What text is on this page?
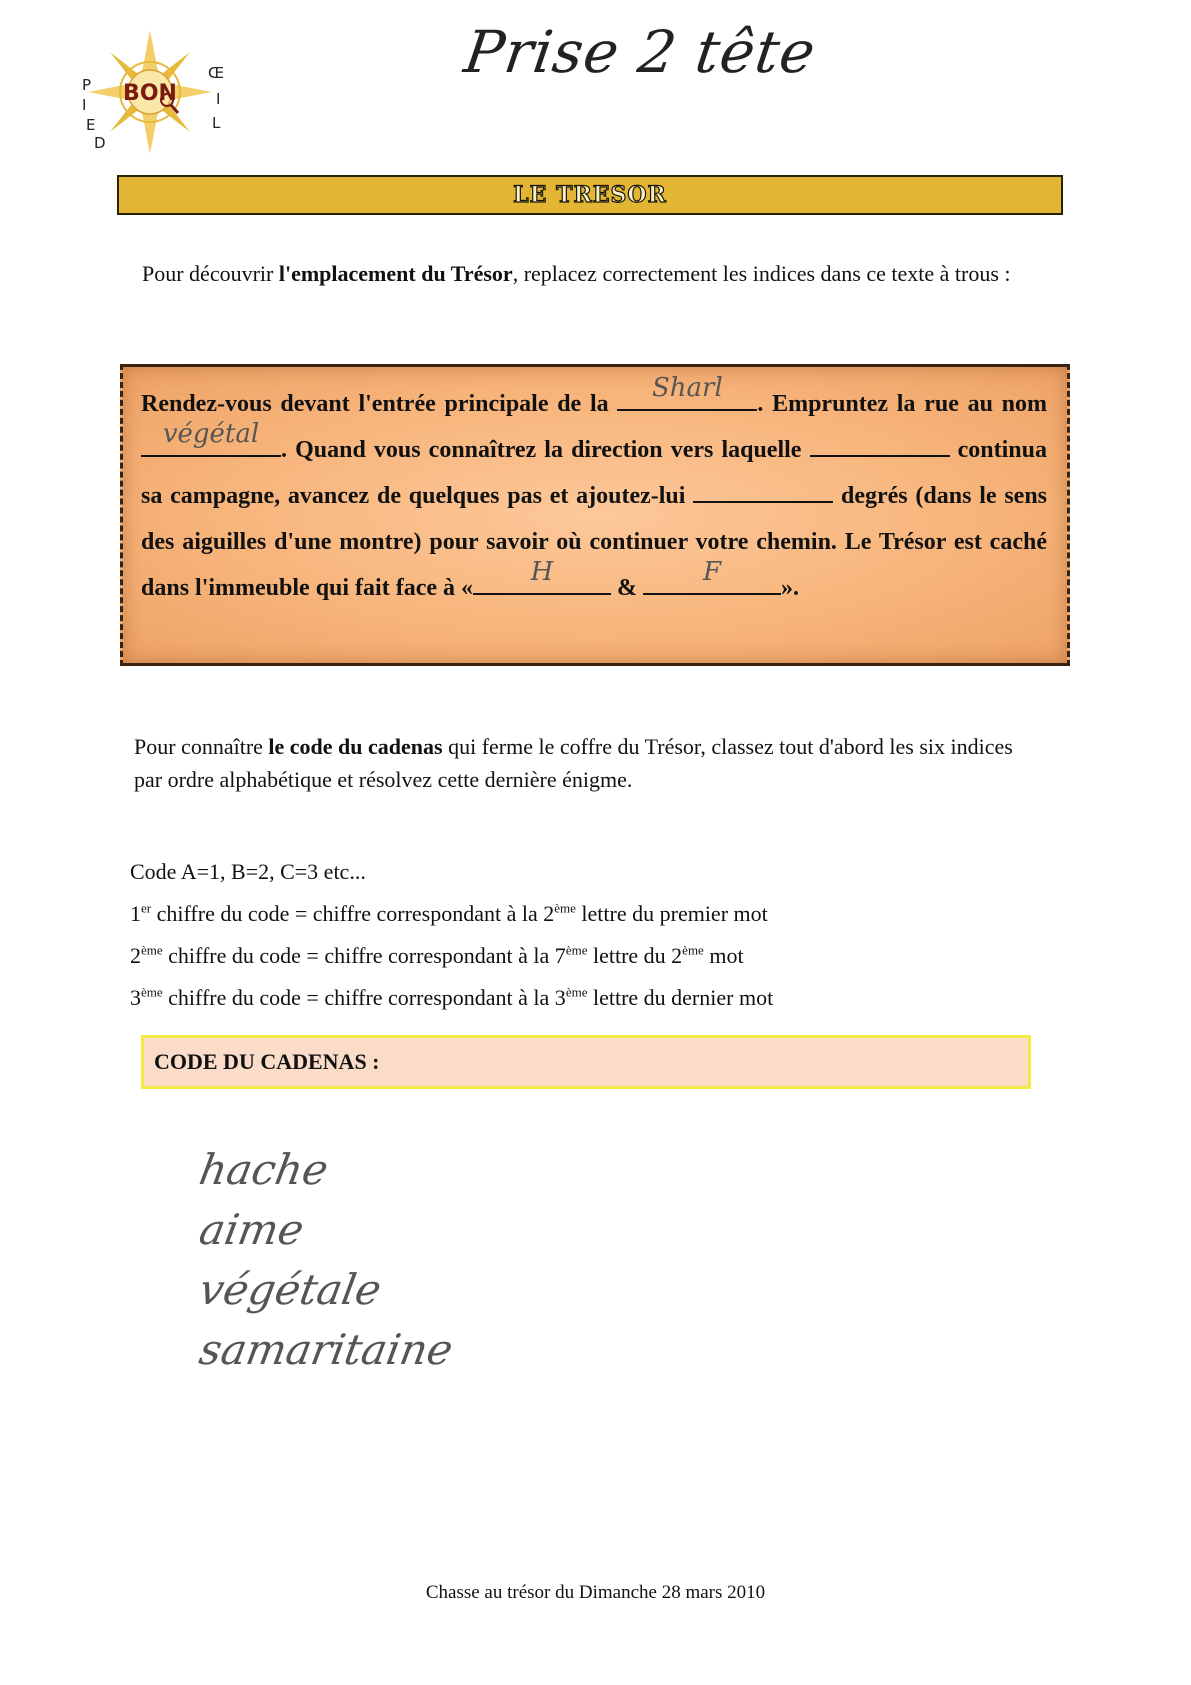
BON
P
I
E
D
Œ
I
L
Prise 2 tête
LE TRESOR
Pour découvrir l'emplacement du Trésor, replacez correctement les indices dans ce texte à trous :

Rendez-vous devant l'entrée principale de la
Sharl
. Empruntez la rue au nom
végétal
. Quand vous connaîtrez la direction vers laquelle	continua sa campagne, avancez de quelques pas et ajoutez-lui	degrés (dans le sens des aiguilles d'une montre) pour savoir où continuer votre chemin. Le Trésor est caché dans l'immeuble qui fait face à «
H
&
F
».

Pour connaître le code du cadenas qui ferme le coffre du Trésor, classez tout d'abord les six indices par ordre alphabétique et résolvez cette dernière énigme.
Code A=1, B=2, C=3 etc...
1er chiffre du code = chiffre correspondant à la 2ème lettre du premier mot
2ème chiffre du code = chiffre correspondant à la 7ème lettre du 2ème mot
3ème chiffre du code = chiffre correspondant à la 3ème lettre du dernier mot
CODE DU CADENAS :
hache
aime
végétale
samaritaine
Chasse au trésor du Dimanche 28 mars 2010
